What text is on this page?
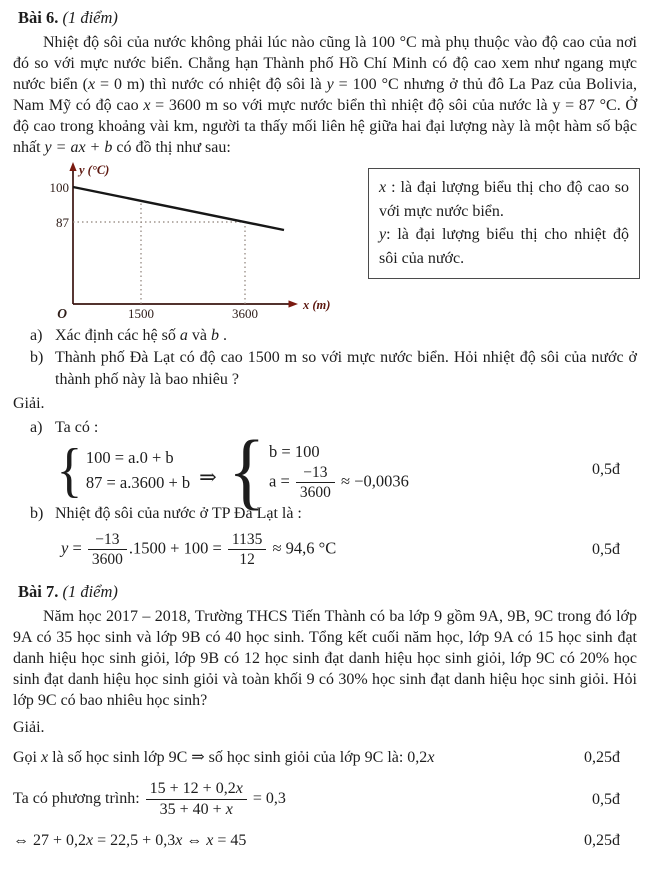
Bài 6. (1 điểm)

Nhiệt độ sôi của nước không phải lúc nào cũng là 100 °C mà phụ thuộc vào độ cao của nơi đó so với mực nước biển. Chẳng hạn Thành phố Hồ Chí Minh có độ cao xem như ngang mực nước biển (x = 0 m) thì nước có nhiệt độ sôi là y = 100 °C nhưng ở thủ đô La Paz của Bolivia, Nam Mỹ có độ cao x = 3600 m so với mực nước biển thì nhiệt độ sôi của nước là y = 87 °C. Ở độ cao trong khoảng vài km, người ta thấy mối liên hệ giữa hai đại lượng này là một hàm số bậc nhất y = ax + b có đồ thị như sau:

y (°C)
100
87
O	1500	3600
x (m)

x : là đại lượng biểu thị cho độ cao so với mực nước biển.

y: là đại lượng biểu thị cho nhiệt độ sôi của nước.

a) Xác định các hệ số a và b .
b) Thành phố Đà Lạt có độ cao 1500 m so với mực nước biển. Hỏi nhiệt độ sôi của nước ở thành phố này là bao nhiêu ?

Giải.

a) Ta có :
{ 100 = a.0 + b
87 = a.3600 + b ⇒ { b = 100
$a = \frac{-13}{3600} \approx -0,0036$
0,5đ
b) Nhiệt độ sôi của nước ở TP Đà Lạt là :
$y = \frac{-13}{3600} .1500 + 100 = \frac{1135}{12} \approx 94,6$ °C	0,5đ

Bài 7. (1 điểm)

Năm học 2017 – 2018, Trường THCS Tiến Thành có ba lớp 9 gồm 9A, 9B, 9C trong đó lớp 9A có 35 học sinh và lớp 9B có 40 học sinh. Tổng kết cuối năm học, lớp 9A có 15 học sinh đạt danh hiệu học sinh giỏi, lớp 9B có 12 học sinh đạt danh hiệu học sinh giỏi, lớp 9C có 20% học sinh đạt danh hiệu học sinh giỏi và toàn khối 9 có 30% học sinh đạt danh hiệu học sinh giỏi. Hỏi lớp 9C có bao nhiêu học sinh?

Giải.

Gọi x là số học sinh lớp 9C ⇒ số học sinh giỏi của lớp 9C là: 0,2x	0,25đ
Ta có phương trình: $\frac{15 + 12 + 0,2x}{35 + 40 + x} = 0,3$	0,5đ
⇔ 27 + 0,2x = 22,5 + 0,3x ⇔ x = 45	0,25đ
